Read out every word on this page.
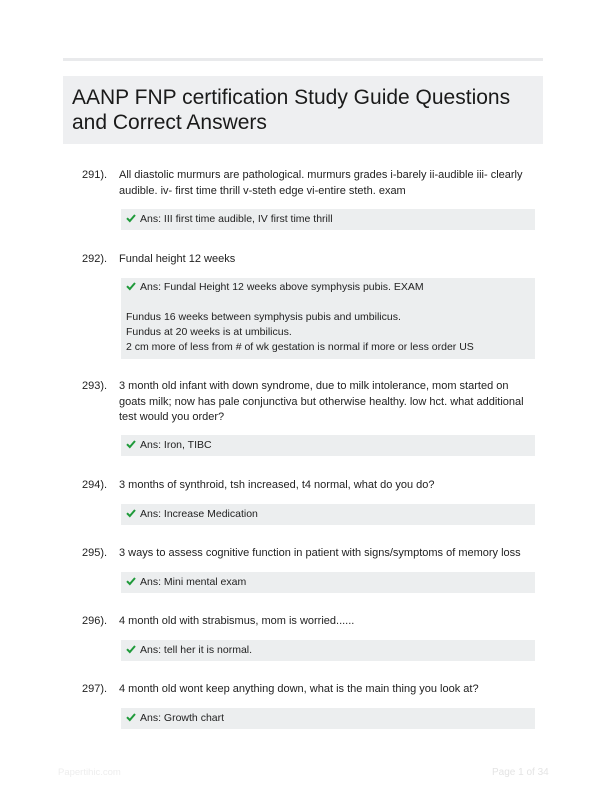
AANP FNP certification Study Guide Questions and Correct Answers
291). All diastolic murmurs are pathological. murmurs grades i-barely ii-audible iii- clearly audible. iv- first time thrill v-steth edge vi-entire steth. exam
Ans: III first time audible, IV first time thrill
292). Fundal height 12 weeks
Ans: Fundal Height 12 weeks above symphysis pubis. EXAM

Fundus 16 weeks between symphysis pubis and umbilicus.

Fundus at 20 weeks is at umbilicus.

2 cm more of less from # of wk gestation is normal if more or less order US

293). 3 month old infant with down syndrome, due to milk intolerance, mom started on goats milk; now has pale conjunctiva but otherwise healthy. low hct. what additional test would you order?
Ans: Iron, TIBC
294). 3 months of synthroid, tsh increased, t4 normal, what do you do?
Ans: Increase Medication
295). 3 ways to assess cognitive function in patient with signs/symptoms of memory loss
Ans: Mini mental exam
296). 4 month old with strabismus, mom is worried......
Ans: tell her it is normal.
297). 4 month old wont keep anything down, what is the main thing you look at?
Ans: Growth chart
Papertihic.com	Page 1 of 34
